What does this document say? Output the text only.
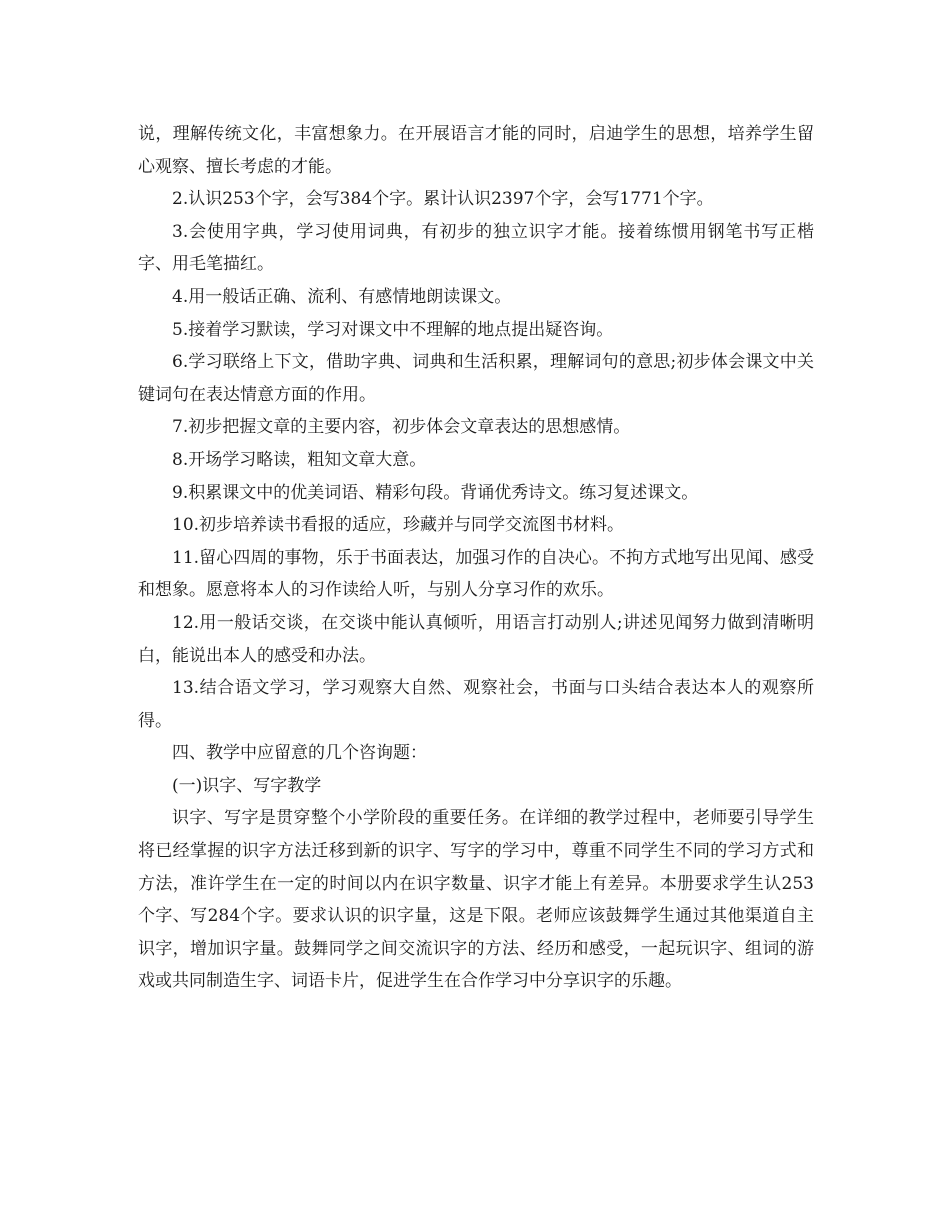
说，理解传统文化，丰富想象力。在开展语言才能的同时，启迪学生的思想，培养学生留心观察、擅长考虑的才能。

2.认识253个字，会写384个字。累计认识2397个字，会写1771个字。

3.会使用字典，学习使用词典，有初步的独立识字才能。接着练惯用钢笔书写正楷字、用毛笔描红。

4.用一般话正确、流利、有感情地朗读课文。

5.接着学习默读，学习对课文中不理解的地点提出疑咨询。

6.学习联络上下文，借助字典、词典和生活积累，理解词句的意思;初步体会课文中关键词句在表达情意方面的作用。

7.初步把握文章的主要内容，初步体会文章表达的思想感情。

8.开场学习略读，粗知文章大意。

9.积累课文中的优美词语、精彩句段。背诵优秀诗文。练习复述课文。

10.初步培养读书看报的适应，珍藏并与同学交流图书材料。

11.留心四周的事物，乐于书面表达，加强习作的自决心。不拘方式地写出见闻、感受和想象。愿意将本人的习作读给人听，与别人分享习作的欢乐。

12.用一般话交谈，在交谈中能认真倾听，用语言打动别人;讲述见闻努力做到清晰明白，能说出本人的感受和办法。

13.结合语文学习，学习观察大自然、观察社会，书面与口头结合表达本人的观察所得。

四、教学中应留意的几个咨询题：

(一)识字、写字教学

识字、写字是贯穿整个小学阶段的重要任务。在详细的教学过程中，老师要引导学生将已经掌握的识字方法迁移到新的识字、写字的学习中，尊重不同学生不同的学习方式和方法，准许学生在一定的时间以内在识字数量、识字才能上有差异。本册要求学生认253个字、写284个字。要求认识的识字量，这是下限。老师应该鼓舞学生通过其他渠道自主识字，增加识字量。鼓舞同学之间交流识字的方法、经历和感受，一起玩识字、组词的游戏或共同制造生字、词语卡片，促进学生在合作学习中分享识字的乐趣。
